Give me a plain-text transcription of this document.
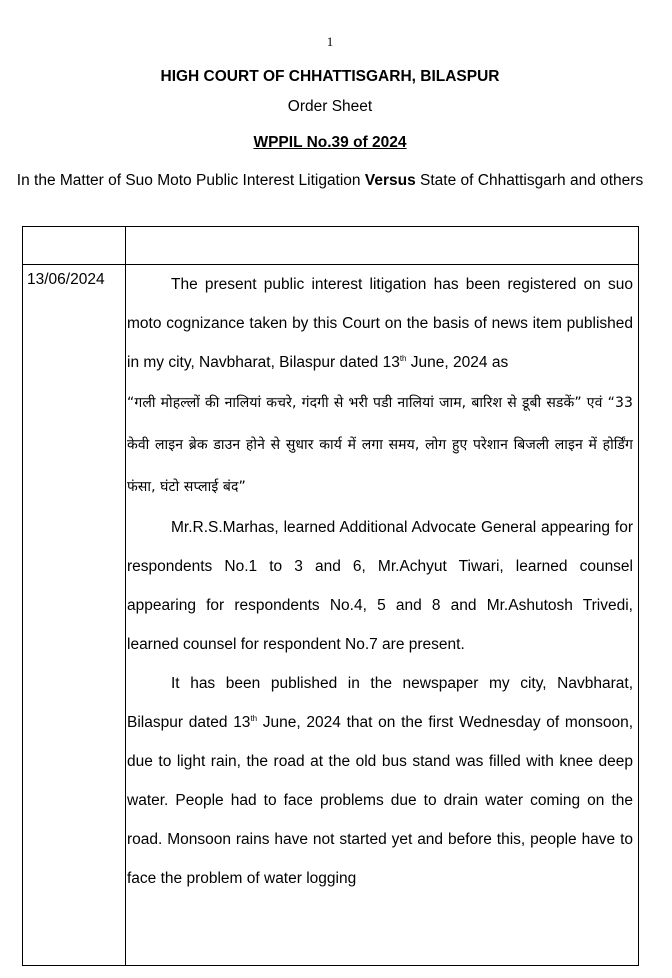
1
HIGH COURT OF CHHATTISGARH, BILASPUR
Order Sheet
WPPIL No.39 of 2024
In the Matter of Suo Moto Public Interest Litigation Versus State of Chhattisgarh and others
13/06/2024	The present public interest litigation has been registered on suo moto cognizance taken by this Court on the basis of news item published in my city, Navbharat, Bilaspur dated 13th June, 2024 as

“गली मोहल्लों की नालियां कचरे, गंदगी से भरी पडी नालियां जाम, बारिश से डूबी सडकें” एवं “33 केवी लाइन ब्रेक डाउन होने से सुधार कार्य में लगा समय, लोग हुए परेशान बिजली लाइन में होर्डिंग फंसा, घंटो सप्लाई बंद”

Mr.R.S.Marhas, learned Additional Advocate General appearing for respondents No.1 to 3 and 6, Mr.Achyut Tiwari, learned counsel appearing for respondents No.4, 5 and 8 and Mr.Ashutosh Trivedi, learned counsel for respondent No.7 are present.

It has been published in the newspaper my city, Navbharat, Bilaspur dated 13th June, 2024 that on the first Wednesday of monsoon, due to light rain, the road at the old bus stand was filled with knee deep water. People had to face problems due to drain water coming on the road. Monsoon rains have not started yet and before this, people have to face the problem of water logging
